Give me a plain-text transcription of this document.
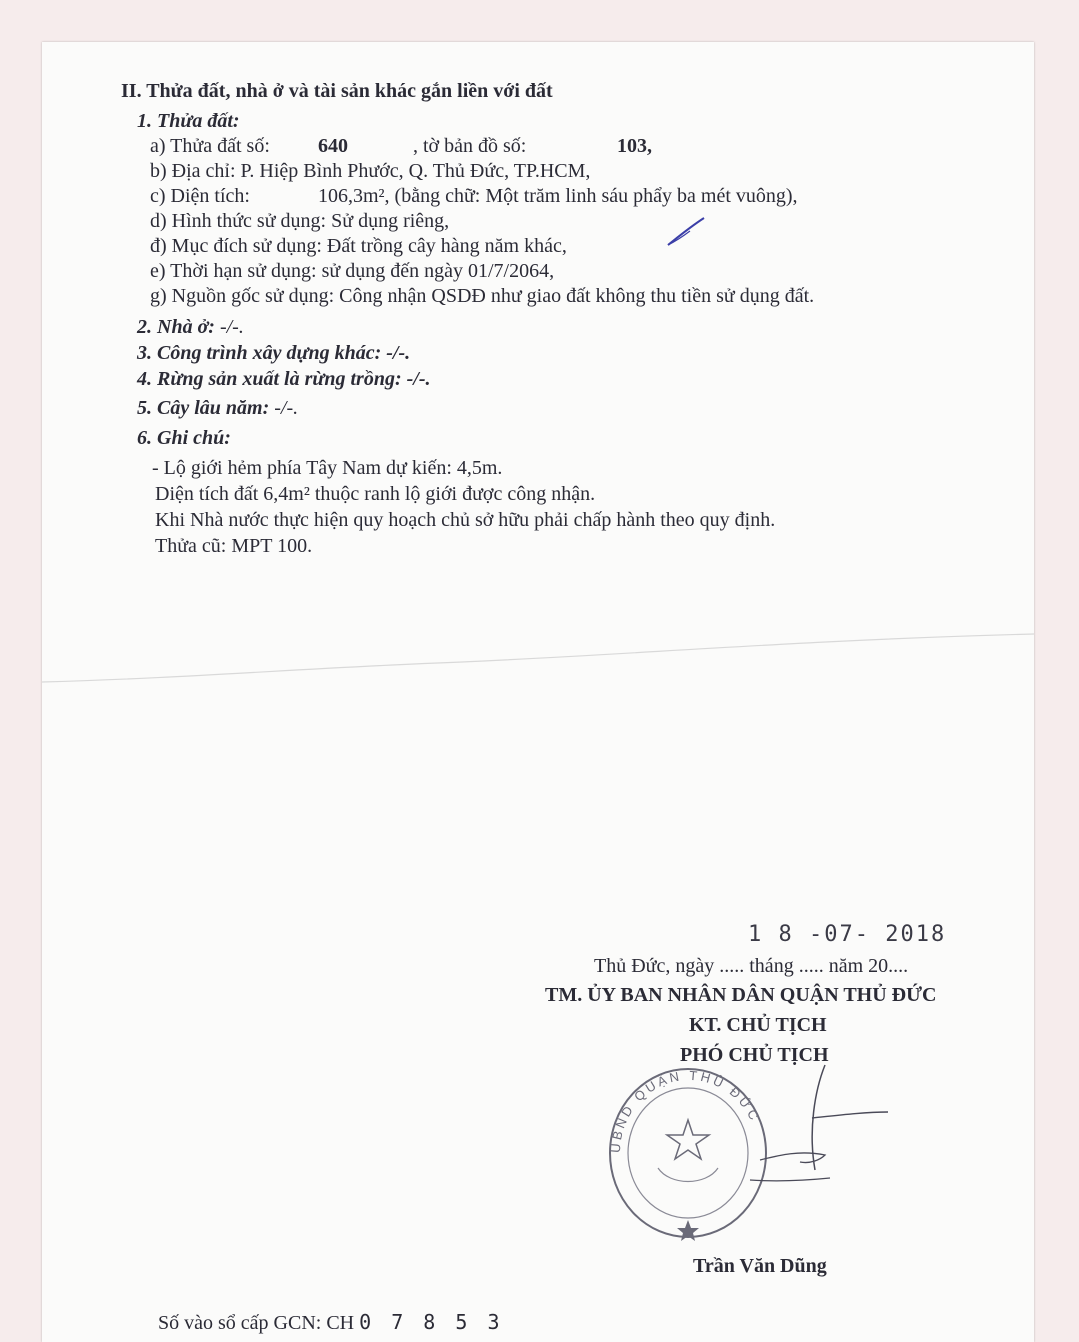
II. Thửa đất, nhà ở và tài sản khác gắn liền với đất
1. Thửa đất:
a) Thửa đất số: 640	, tờ bản đồ số:	103,
b) Địa chỉ: P. Hiệp Bình Phước, Q. Thủ Đức, TP.HCM,
c) Diện tích:	106,3m², (bằng chữ: Một trăm linh sáu phẩy ba mét vuông),
d) Hình thức sử dụng: Sử dụng riêng,
đ) Mục đích sử dụng: Đất trồng cây hàng năm khác,
e) Thời hạn sử dụng: sử dụng đến ngày 01/7/2064,
g) Nguồn gốc sử dụng: Công nhận QSDĐ như giao đất không thu tiền sử dụng đất.
2. Nhà ở: -/-.
3. Công trình xây dựng khác: -/-.
4. Rừng sản xuất là rừng trồng: -/-.
5. Cây lâu năm: -/-.
6. Ghi chú:
- Lộ giới hẻm phía Tây Nam dự kiến: 4,5m.
Diện tích đất 6,4m² thuộc ranh lộ giới được công nhận.
Khi Nhà nước thực hiện quy hoạch chủ sở hữu phải chấp hành theo quy định.
Thửa cũ: MPT 100.
1 8 -07- 2018
Thủ Đức, ngày ..... tháng ..... năm 20....
TM. ỦY BAN NHÂN DÂN QUẬN THỦ ĐỨC
KT. CHỦ TỊCH
PHÓ CHỦ TỊCH
UBND QUẬN THỦ ĐỨC
Trần Văn Dũng
Số vào sổ cấp GCN: CH 0 7 8 5 3
